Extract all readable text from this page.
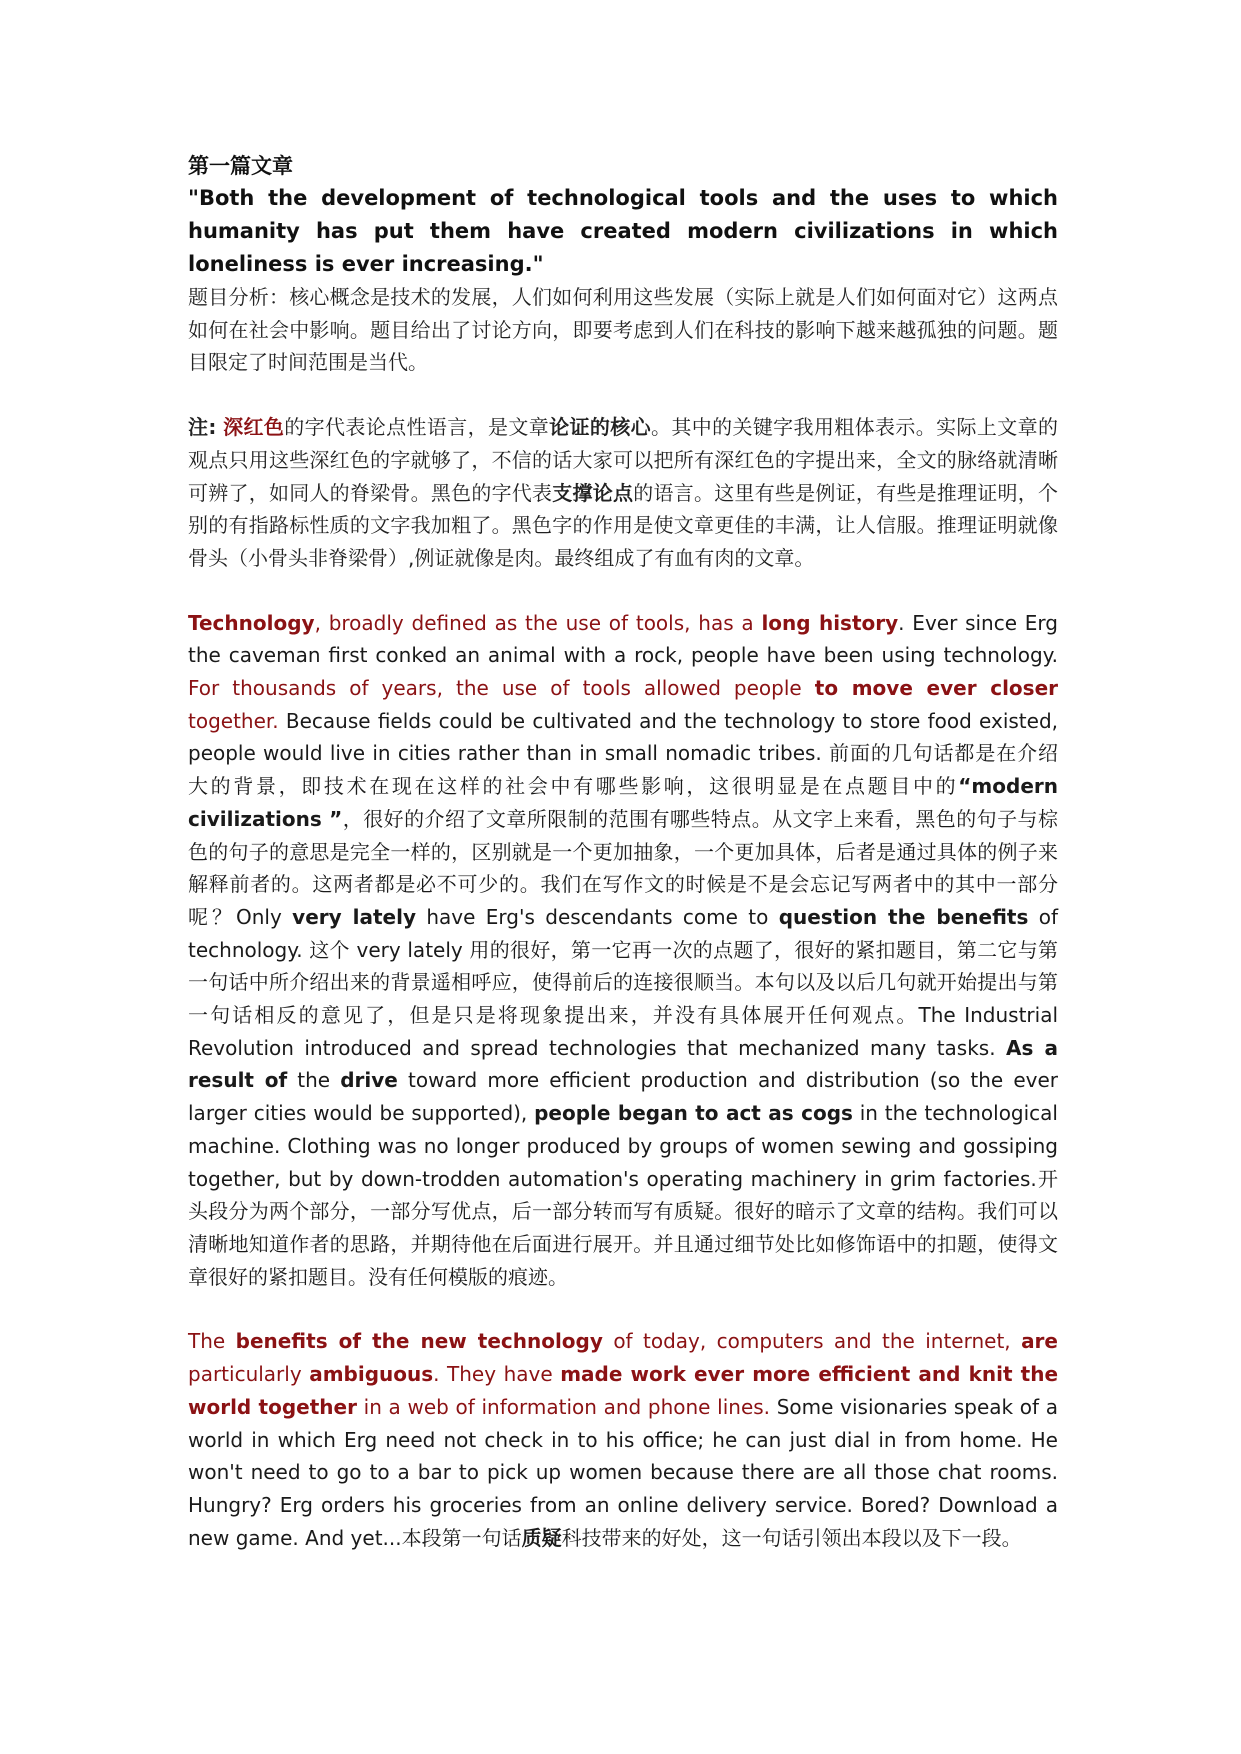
第一篇文章

"Both the development of technological tools and the uses to which humanity has put them have created modern civilizations in which loneliness is ever increasing."

题目分析：核心概念是技术的发展，人们如何利用这些发展（实际上就是人们如何面对它）这两点如何在社会中影响。题目给出了讨论方向，即要考虑到人们在科技的影响下越来越孤独的问题。题目限定了时间范围是当代。

注: 深红色的字代表论点性语言，是文章论证的核心。其中的关键字我用粗体表示。实际上文章的观点只用这些深红色的字就够了，不信的话大家可以把所有深红色的字提出来，全文的脉络就清晰可辨了，如同人的脊梁骨。黑色的字代表支撑论点的语言。这里有些是例证，有些是推理证明，个别的有指路标性质的文字我加粗了。黑色字的作用是使文章更佳的丰满，让人信服。推理证明就像骨头（小骨头非脊梁骨）,例证就像是肉。最终组成了有血有肉的文章。

Technology, broadly defined as the use of tools, has a long history. Ever since Erg the caveman first conked an animal with a rock, people have been using technology. For thousands of years, the use of tools allowed people to move ever closer together. Because fields could be cultivated and the technology to store food existed, people would live in cities rather than in small nomadic tribes. 前面的几句话都是在介绍大的背景，即技术在现在这样的社会中有哪些影响，这很明显是在点题目中的“modern civilizations ”，很好的介绍了文章所限制的范围有哪些特点。从文字上来看，黑色的句子与棕色的句子的意思是完全一样的，区别就是一个更加抽象，一个更加具体，后者是通过具体的例子来解释前者的。这两者都是必不可少的。我们在写作文的时候是不是会忘记写两者中的其中一部分呢？Only very lately have Erg's descendants come to question the benefits of technology. 这个 very lately 用的很好，第一它再一次的点题了，很好的紧扣题目，第二它与第一句话中所介绍出来的背景遥相呼应，使得前后的连接很顺当。本句以及以后几句就开始提出与第一句话相反的意见了，但是只是将现象提出来，并没有具体展开任何观点。The Industrial Revolution introduced and spread technologies that mechanized many tasks. As a result of the drive toward more efficient production and distribution (so the ever larger cities would be supported), people began to act as cogs in the technological machine. Clothing was no longer produced by groups of women sewing and gossiping together, but by down-trodden automation's operating machinery in grim factories.开头段分为两个部分，一部分写优点，后一部分转而写有质疑。很好的暗示了文章的结构。我们可以清晰地知道作者的思路，并期待他在后面进行展开。并且通过细节处比如修饰语中的扣题，使得文章很好的紧扣题目。没有任何模版的痕迹。

The benefits of the new technology of today, computers and the internet, are particularly ambiguous. They have made work ever more efficient and knit the world together in a web of information and phone lines. Some visionaries speak of a world in which Erg need not check in to his office; he can just dial in from home. He won't need to go to a bar to pick up women because there are all those chat rooms. Hungry? Erg orders his groceries from an online delivery service. Bored? Download a new game. And yet...本段第一句话质疑科技带来的好处，这一句话引领出本段以及下一段。
